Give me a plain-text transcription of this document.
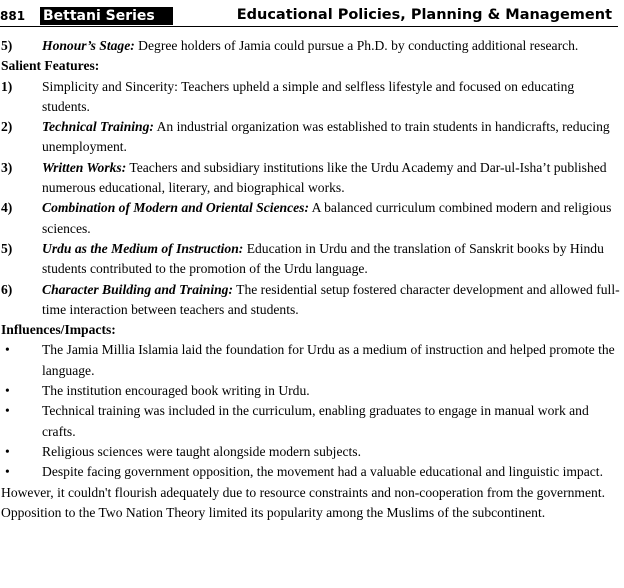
881 Bettani Series	Educational Policies, Planning & Management
5) Honour’s Stage: Degree holders of Jamia could pursue a Ph.D. by conducting additional research.
Salient Features:
1) Simplicity and Sincerity: Teachers upheld a simple and selfless lifestyle and focused on educating students.
2) Technical Training: An industrial organization was established to train students in handicrafts, reducing unemployment.
3) Written Works: Teachers and subsidiary institutions like the Urdu Academy and Dar-ul-Isha’t published numerous educational, literary, and biographical works.
4) Combination of Modern and Oriental Sciences: A balanced curriculum combined modern and religious sciences.
5) Urdu as the Medium of Instruction: Education in Urdu and the translation of Sanskrit books by Hindu students contributed to the promotion of the Urdu language.
6) Character Building and Training: The residential setup fostered character development and allowed full-time interaction between teachers and students.
Influences/Impacts:
• The Jamia Millia Islamia laid the foundation for Urdu as a medium of instruction and helped promote the language.
• The institution encouraged book writing in Urdu.
• Technical training was included in the curriculum, enabling graduates to engage in manual work and crafts.
• Religious sciences were taught alongside modern subjects.
• Despite facing government opposition, the movement had a valuable educational and linguistic impact.
However, it couldn't flourish adequately due to resource constraints and non-cooperation from the government. Opposition to the Two Nation Theory limited its popularity among the Muslims of the subcontinent.
